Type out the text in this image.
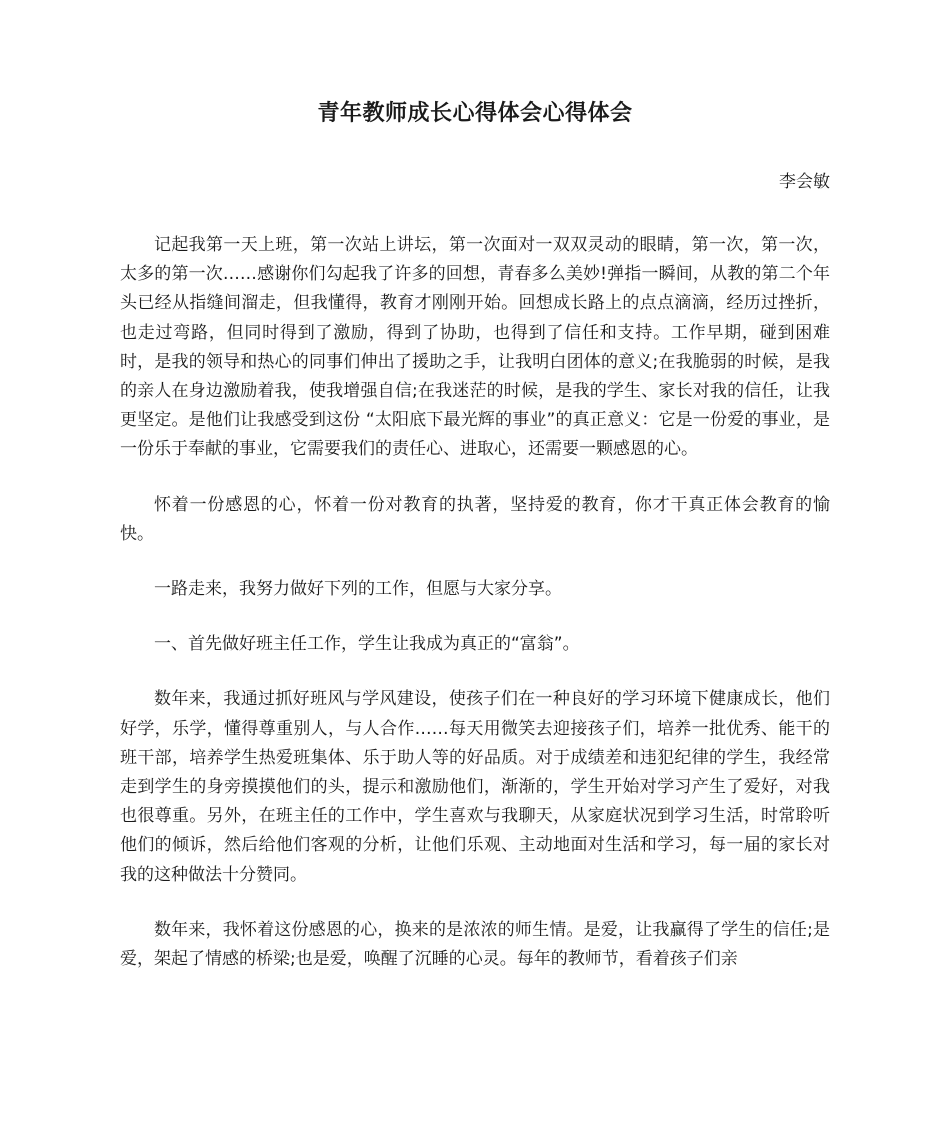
青年教师成长心得体会心得体会

李会敏

记起我第一天上班，第一次站上讲坛，第一次面对一双双灵动的眼睛，第一次，第一次，太多的第一次……感谢你们勾起我了许多的回想，青春多么美妙!弹指一瞬间，从教的第二个年头已经从指缝间溜走，但我懂得，教育才刚刚开始。回想成长路上的点点滴滴，经历过挫折，也走过弯路，但同时得到了激励，得到了协助，也得到了信任和支持。工作早期，碰到困难时，是我的领导和热心的同事们伸出了援助之手，让我明白团体的意义;在我脆弱的时候，是我的亲人在身边激励着我，使我增强自信;在我迷茫的时候，是我的学生、家长对我的信任，让我更坚定。是他们让我感受到这份 “太阳底下最光辉的事业”的真正意义：它是一份爱的事业，是一份乐于奉献的事业，它需要我们的责任心、进取心，还需要一颗感恩的心。

怀着一份感恩的心，怀着一份对教育的执著，坚持爱的教育，你才干真正体会教育的愉快。

一路走来，我努力做好下列的工作，但愿与大家分享。

一、首先做好班主任工作，学生让我成为真正的“富翁”。

数年来，我通过抓好班风与学风建设，使孩子们在一种良好的学习环境下健康成长，他们好学，乐学，懂得尊重别人，与人合作……每天用微笑去迎接孩子们，培养一批优秀、能干的班干部，培养学生热爱班集体、乐于助人等的好品质。对于成绩差和违犯纪律的学生，我经常走到学生的身旁摸摸他们的头，提示和激励他们，渐渐的，学生开始对学习产生了爱好，对我也很尊重。另外，在班主任的工作中，学生喜欢与我聊天，从家庭状况到学习生活，时常聆听他们的倾诉，然后给他们客观的分析，让他们乐观、主动地面对生活和学习，每一届的家长对我的这种做法十分赞同。

数年来，我怀着这份感恩的心，换来的是浓浓的师生情。是爱，让我赢得了学生的信任;是爱，架起了情感的桥梁;也是爱，唤醒了沉睡的心灵。每年的教师节，看着孩子们亲
